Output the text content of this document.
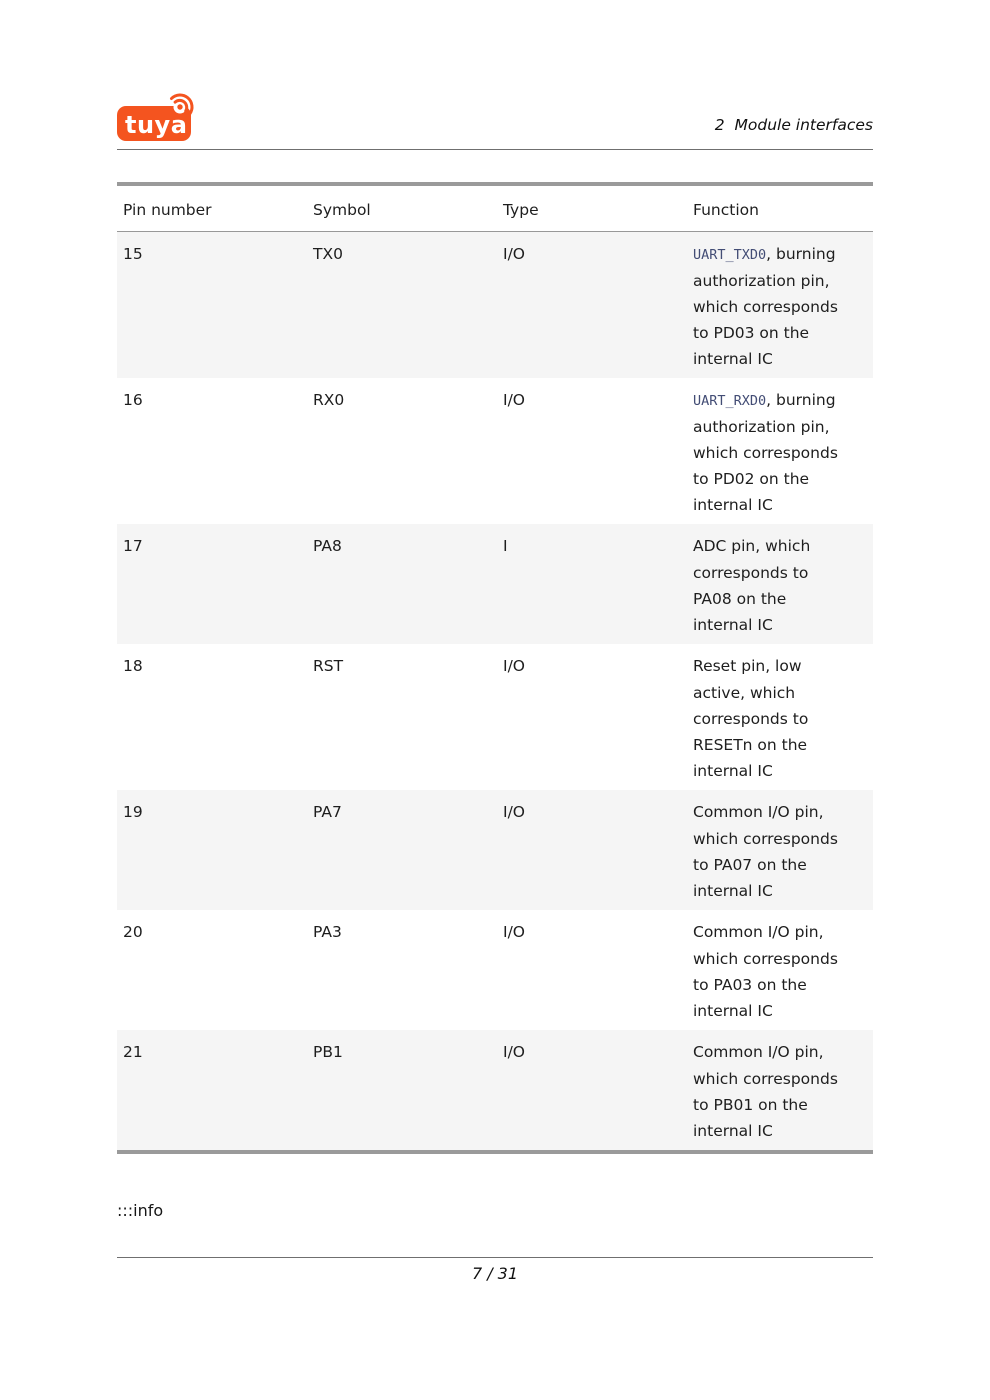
tuya	2  Module interfaces
Pin number	Symbol	Type	Function
15	TX0	I/O	UART_TXD0, burning authorization pin, which corresponds to PD03 on the internal IC
16	RX0	I/O	UART_RXD0, burning authorization pin, which corresponds to PD02 on the internal IC
17	PA8	I	ADC pin, which corresponds to PA08 on the internal IC
18	RST	I/O	Reset pin, low active, which corresponds to RESETn on the internal IC
19	PA7	I/O	Common I/O pin, which corresponds to PA07 on the internal IC
20	PA3	I/O	Common I/O pin, which corresponds to PA03 on the internal IC
21	PB1	I/O	Common I/O pin, which corresponds to PB01 on the internal IC
:::info
7 / 31
